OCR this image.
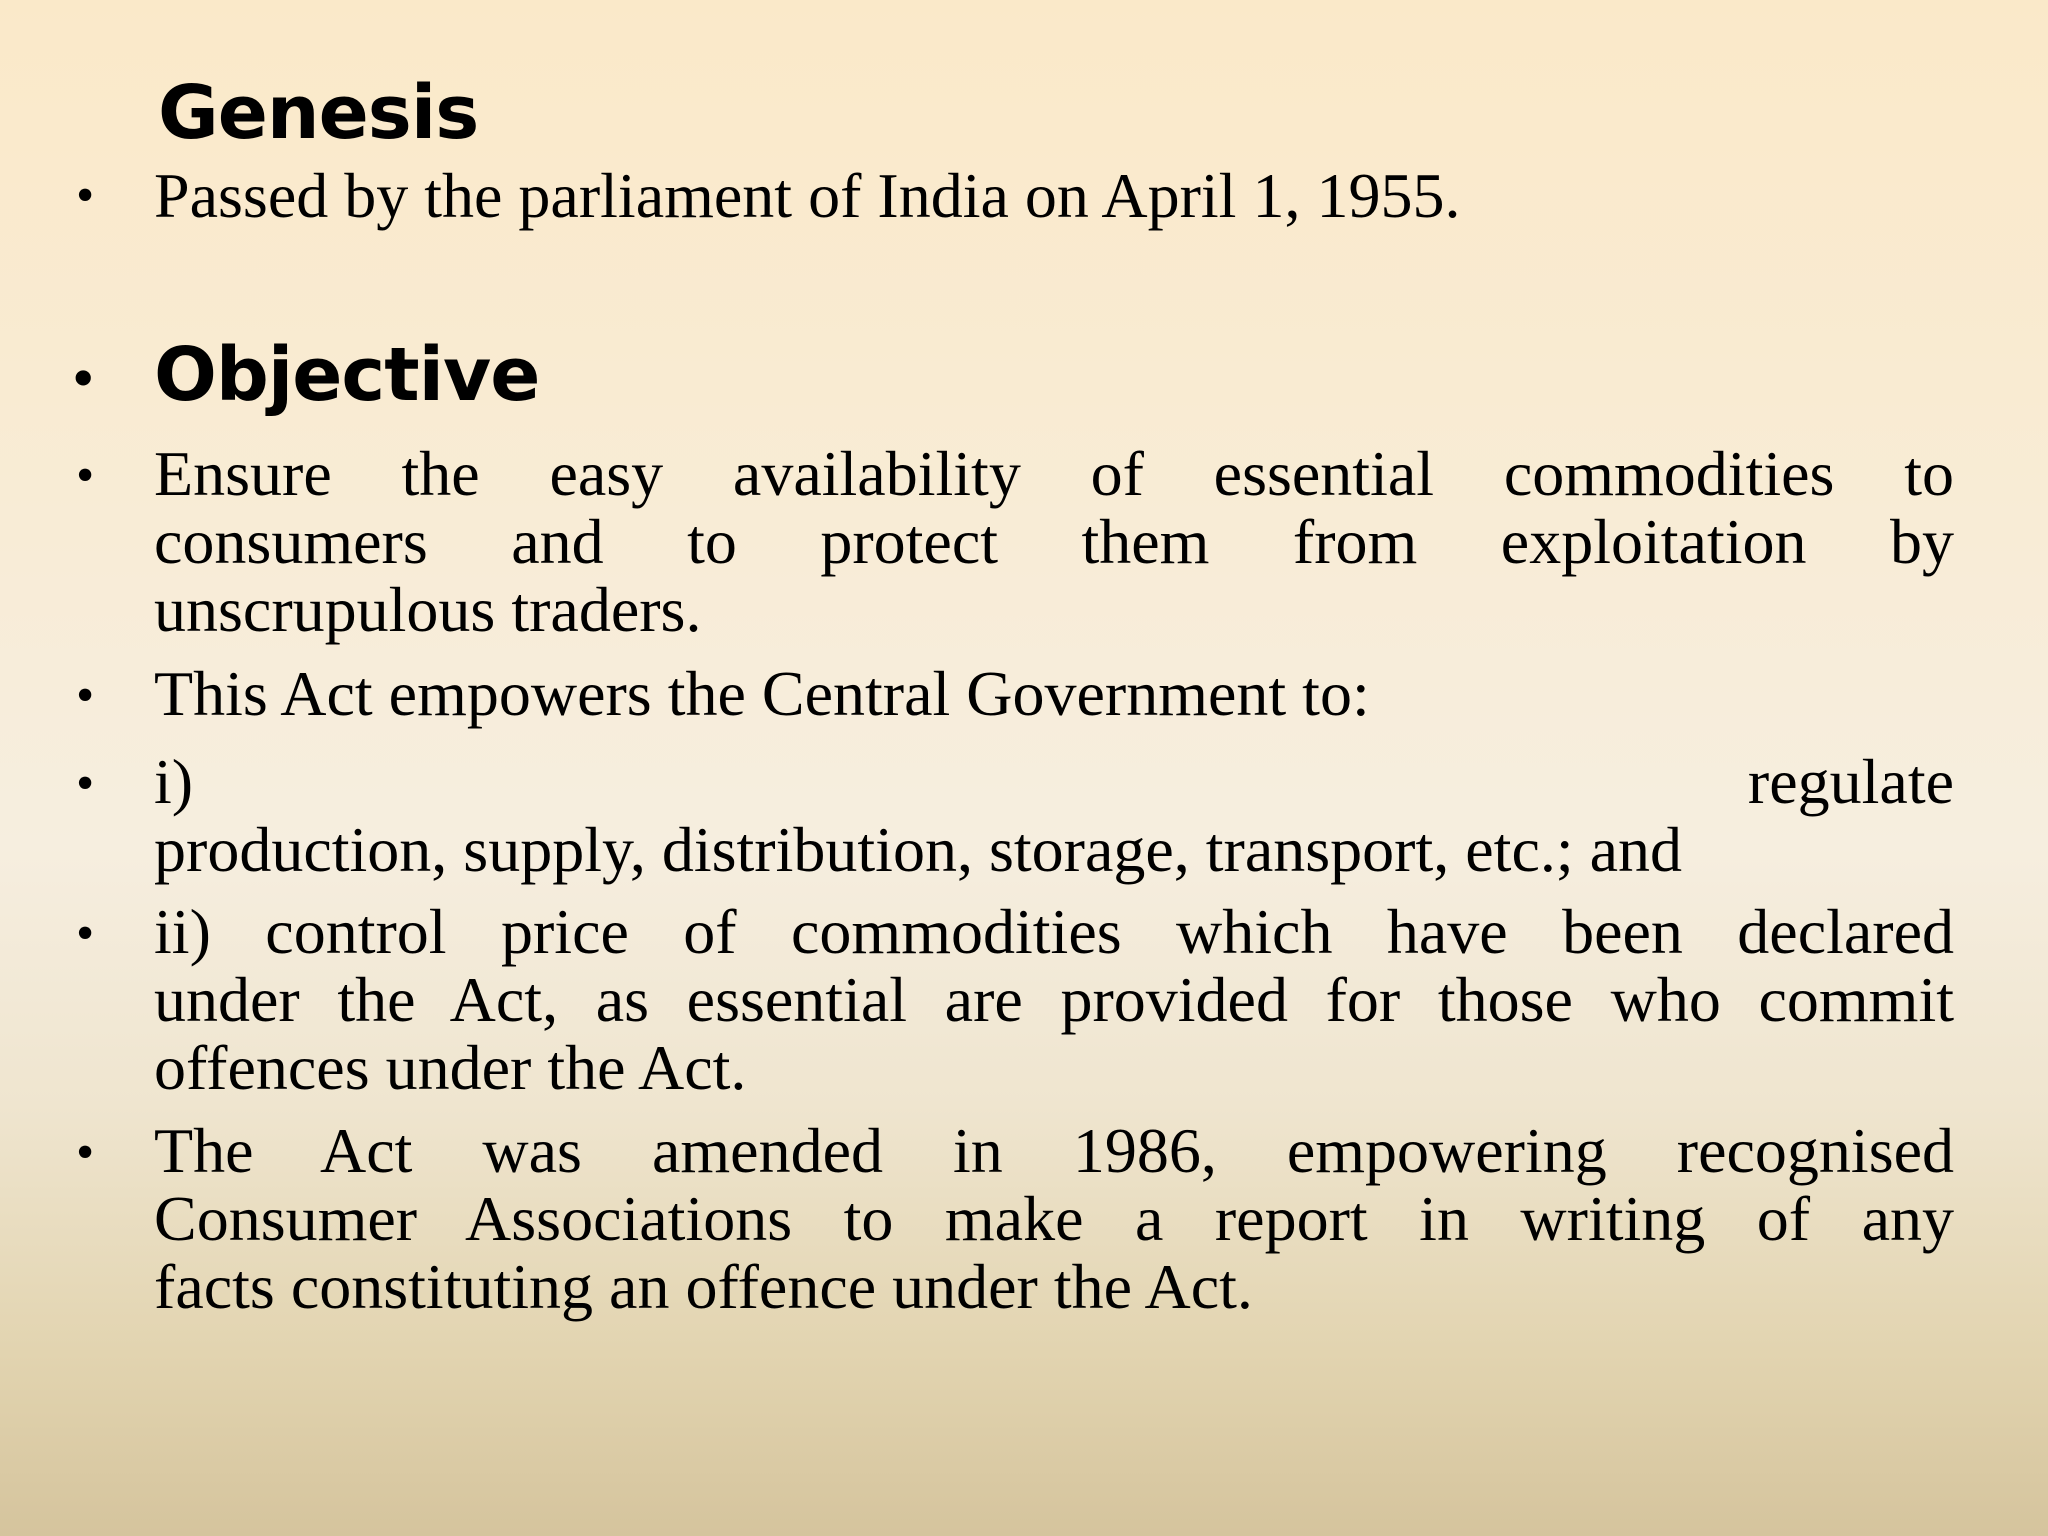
Genesis
• Passed by the parliament of India on April 1, 1955.
• Objective
• Ensure the easy availability of essential commodities to
consumers and to protect them from exploitation by
unscrupulous traders.
• This Act empowers the Central Government to:
• i) regulate
production, supply, distribution, storage, transport, etc.; and
• ii) control price of commodities which have been declared
under the Act, as essential are provided for those who commit
offences under the Act.
• The Act was amended in 1986, empowering recognised
Consumer Associations to make a report in writing of any
facts constituting an offence under the Act.
